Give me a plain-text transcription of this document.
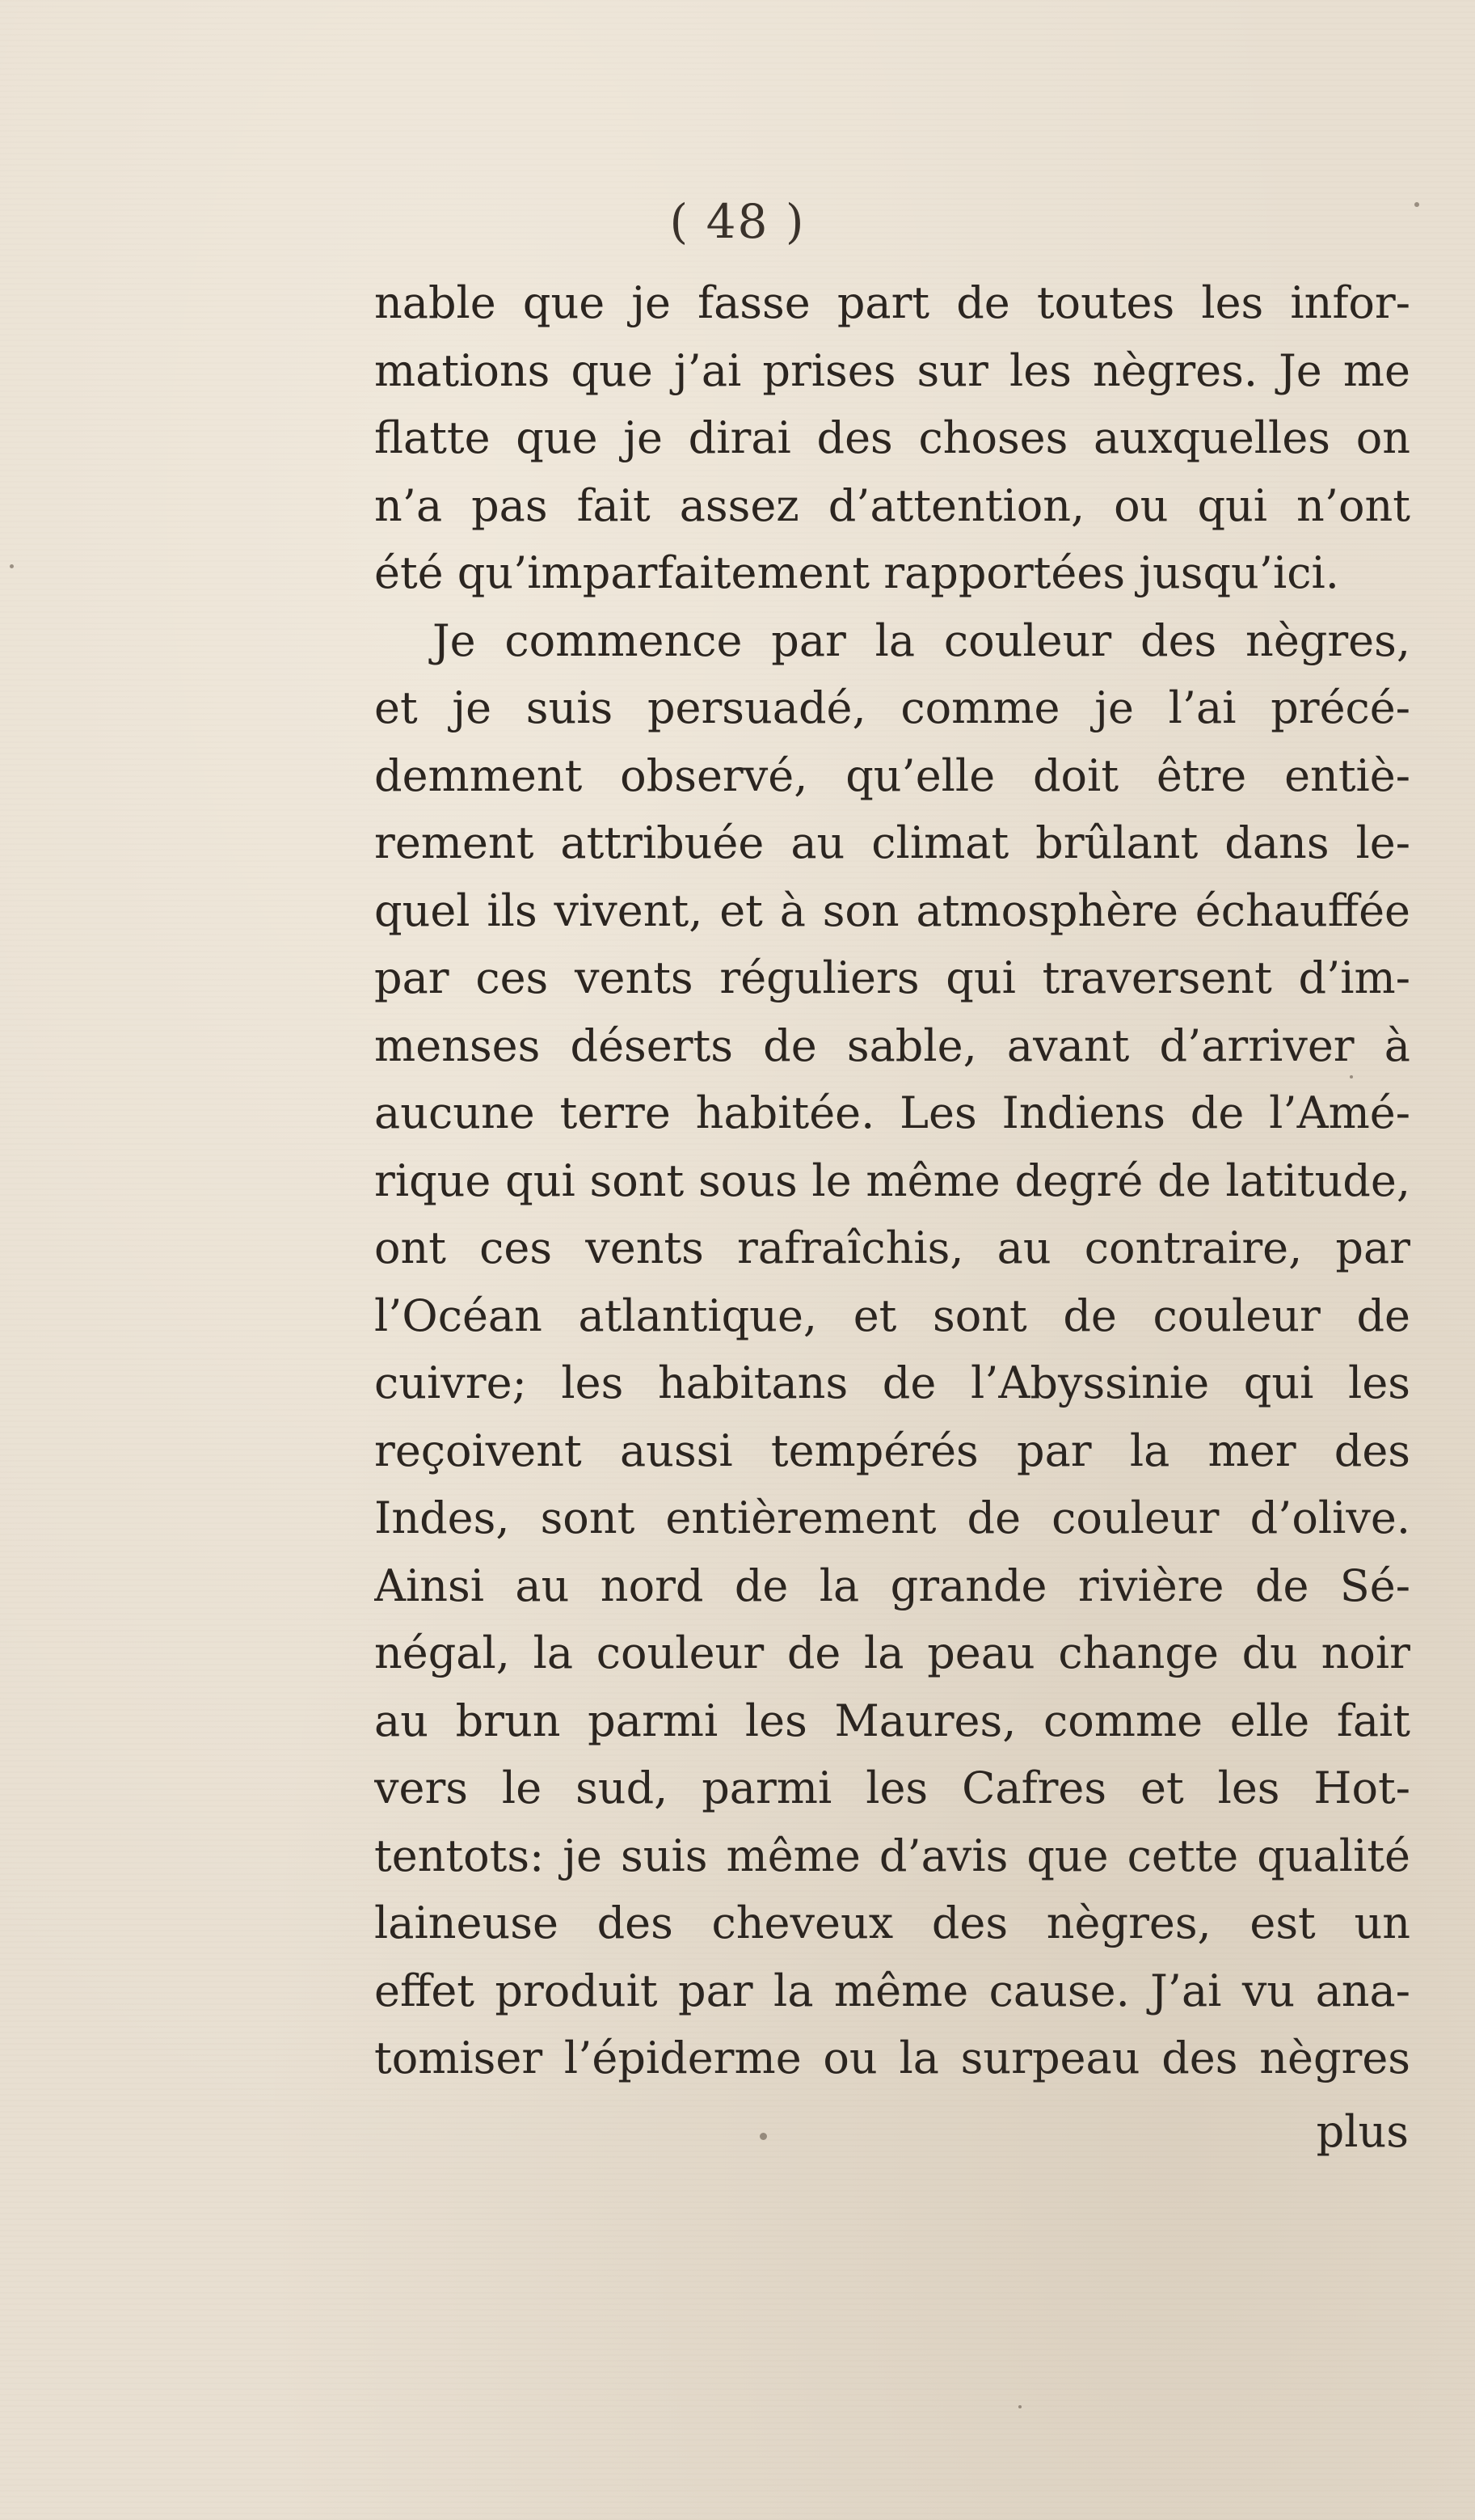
( 48 )

nable que je fasse part de toutes les infor-
mations que j’ai prises sur les nègres. Je me
flatte que je dirai des choses auxquelles on
n’a pas fait assez d’attention, ou qui n’ont
été qu’imparfaitement rapportées jusqu’ici.
Je commence par la couleur des nègres,
et je suis persuadé, comme je l’ai précé-
demment observé, qu’elle doit être entiè-
rement attribuée au climat brûlant dans le-
quel ils vivent, et à son atmosphère échauffée
par ces vents réguliers qui traversent d’im-
menses déserts de sable, avant d’arriver à
aucune terre habitée. Les Indiens de l’Amé-
rique qui sont sous le même degré de latitude,
ont ces vents rafraîchis, au contraire, par
l’Océan atlantique, et sont de couleur de
cuivre; les habitans de l’Abyssinie qui les
reçoivent aussi tempérés par la mer des
Indes, sont entièrement de couleur d’olive.
Ainsi au nord de la grande rivière de Sé-
négal, la couleur de la peau change du noir
au brun parmi les Maures, comme elle fait
vers le sud, parmi les Cafres et les Hot-
tentots: je suis même d’avis que cette qualité
laineuse des cheveux des nègres, est un
effet produit par la même cause. J’ai vu ana-
tomiser l’épiderme ou la surpeau des nègres

plus
